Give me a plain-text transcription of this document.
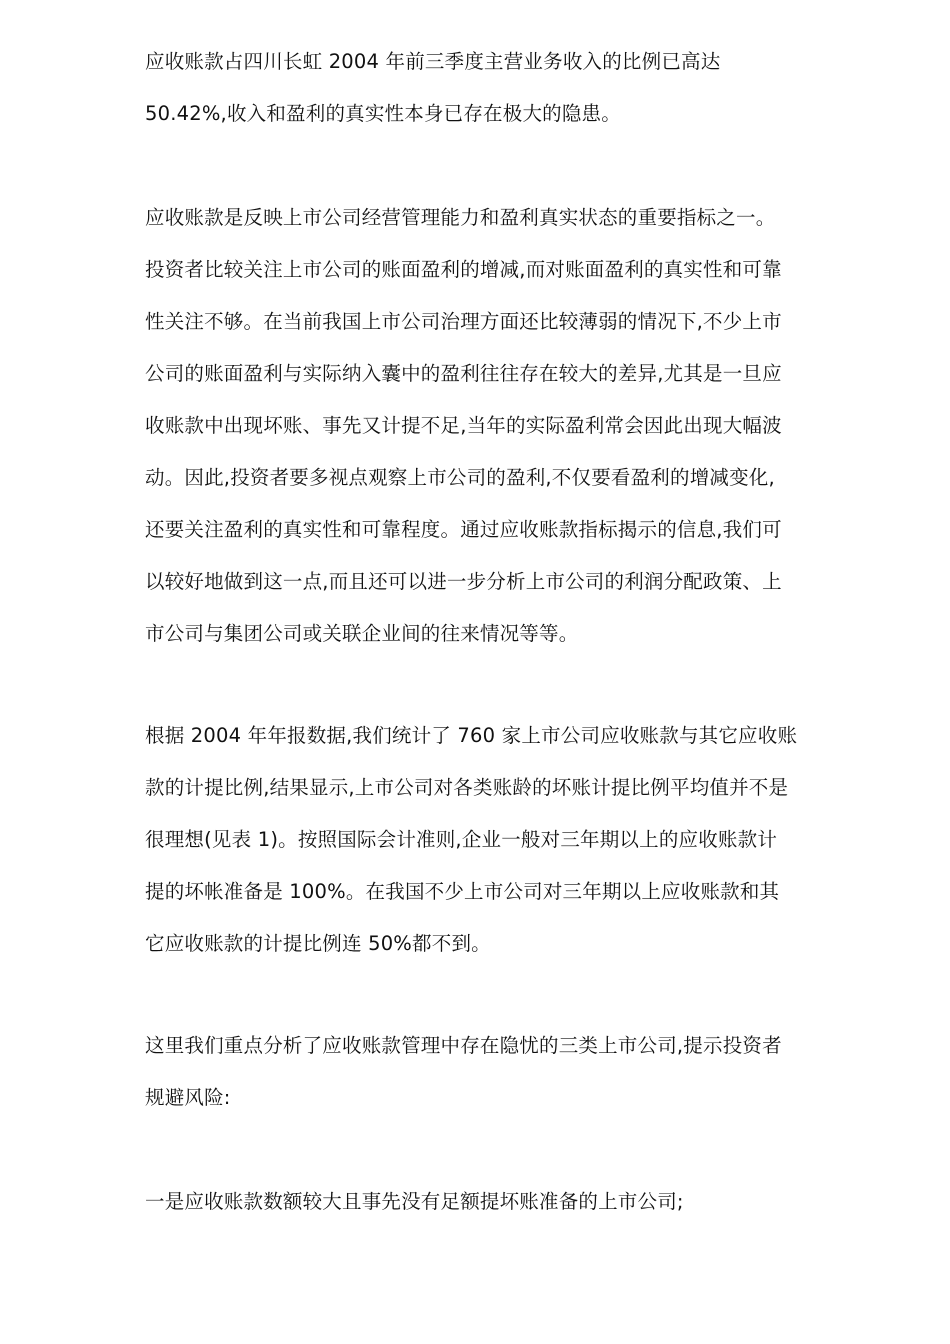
应收账款占四川长虹 2004 年前三季度主营业务收入的比例已高达
50.42%,收入和盈利的真实性本身已存在极大的隐患。
应收账款是反映上市公司经营管理能力和盈利真实状态的重要指标之一。
投资者比较关注上市公司的账面盈利的增减,而对账面盈利的真实性和可靠
性关注不够。在当前我国上市公司治理方面还比较薄弱的情况下,不少上市
公司的账面盈利与实际纳入囊中的盈利往往存在较大的差异,尤其是一旦应
收账款中出现坏账、事先又计提不足,当年的实际盈利常会因此出现大幅波
动。因此,投资者要多视点观察上市公司的盈利,不仅要看盈利的增减变化,
还要关注盈利的真实性和可靠程度。通过应收账款指标揭示的信息,我们可
以较好地做到这一点,而且还可以进一步分析上市公司的利润分配政策、上
市公司与集团公司或关联企业间的往来情况等等。
根据 2004 年年报数据,我们统计了 760 家上市公司应收账款与其它应收账
款的计提比例,结果显示,上市公司对各类账龄的坏账计提比例平均值并不是
很理想(见表 1)。按照国际会计准则,企业一般对三年期以上的应收账款计
提的坏帐准备是 100%。在我国不少上市公司对三年期以上应收账款和其
它应收账款的计提比例连 50%都不到。
这里我们重点分析了应收账款管理中存在隐忧的三类上市公司,提示投资者
规避风险:
一是应收账款数额较大且事先没有足额提坏账准备的上市公司;
